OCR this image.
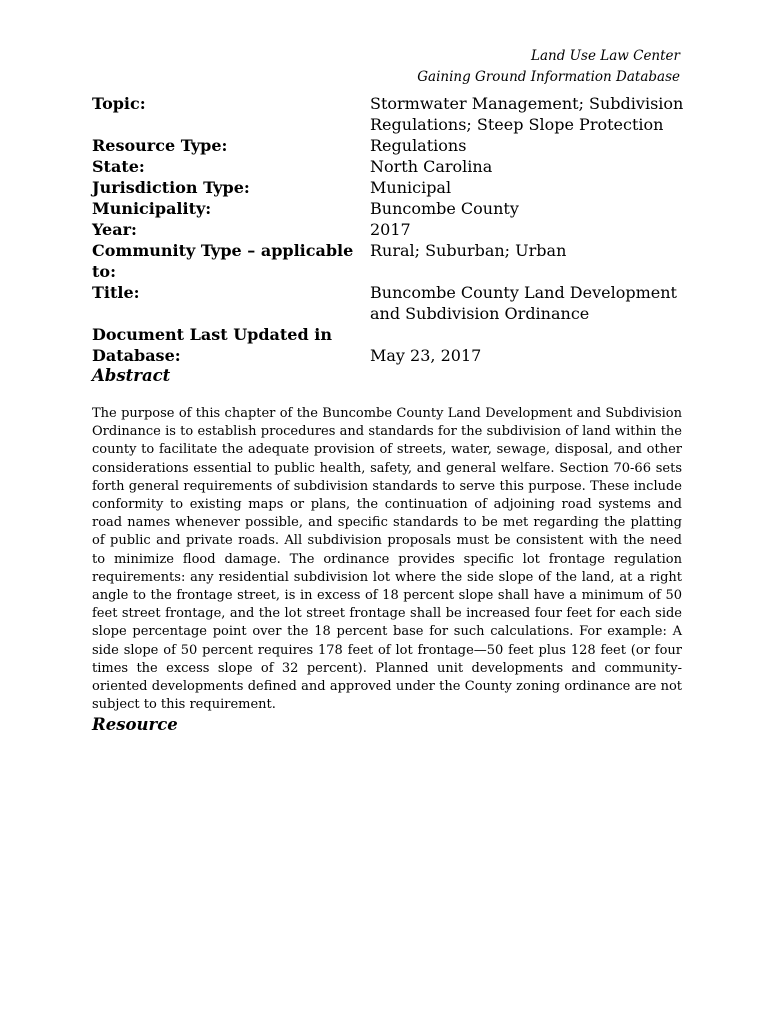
Land Use Law Center
Gaining Ground Information Database
Topic:	Stormwater Management; Subdivision Regulations; Steep Slope Protection
Resource Type:	Regulations
State:	North Carolina
Jurisdiction Type:	Municipal
Municipality:	Buncombe County
Year:	2017
Community Type – applicable to:
Rural; Suburban; Urban
Title:	Buncombe County Land Development and Subdivision Ordinance
Document Last Updated in Database:	May 23, 2017
Abstract
The purpose of this chapter of the Buncombe County Land Development and Subdivision Ordinance is to establish procedures and standards for the subdivision of land within the county to facilitate the adequate provision of streets, water, sewage, disposal, and other considerations essential to public health, safety, and general welfare. Section 70-66 sets forth general requirements of subdivision standards to serve this purpose. These include conformity to existing maps or plans, the continuation of adjoining road systems and road names whenever possible, and specific standards to be met regarding the platting of public and private roads. All subdivision proposals must be consistent with the need to minimize flood damage. The ordinance provides specific lot frontage regulation requirements: any residential subdivision lot where the side slope of the land, at a right angle to the frontage street, is in excess of 18 percent slope shall have a minimum of 50 feet street frontage, and the lot street frontage shall be increased four feet for each side slope percentage point over the 18 percent base for such calculations. For example: A side slope of 50 percent requires 178 feet of lot frontage—50 feet plus 128 feet (or four times the excess slope of 32 percent). Planned unit developments and community-oriented developments defined and approved under the County zoning ordinance are not subject to this requirement.
Resource
